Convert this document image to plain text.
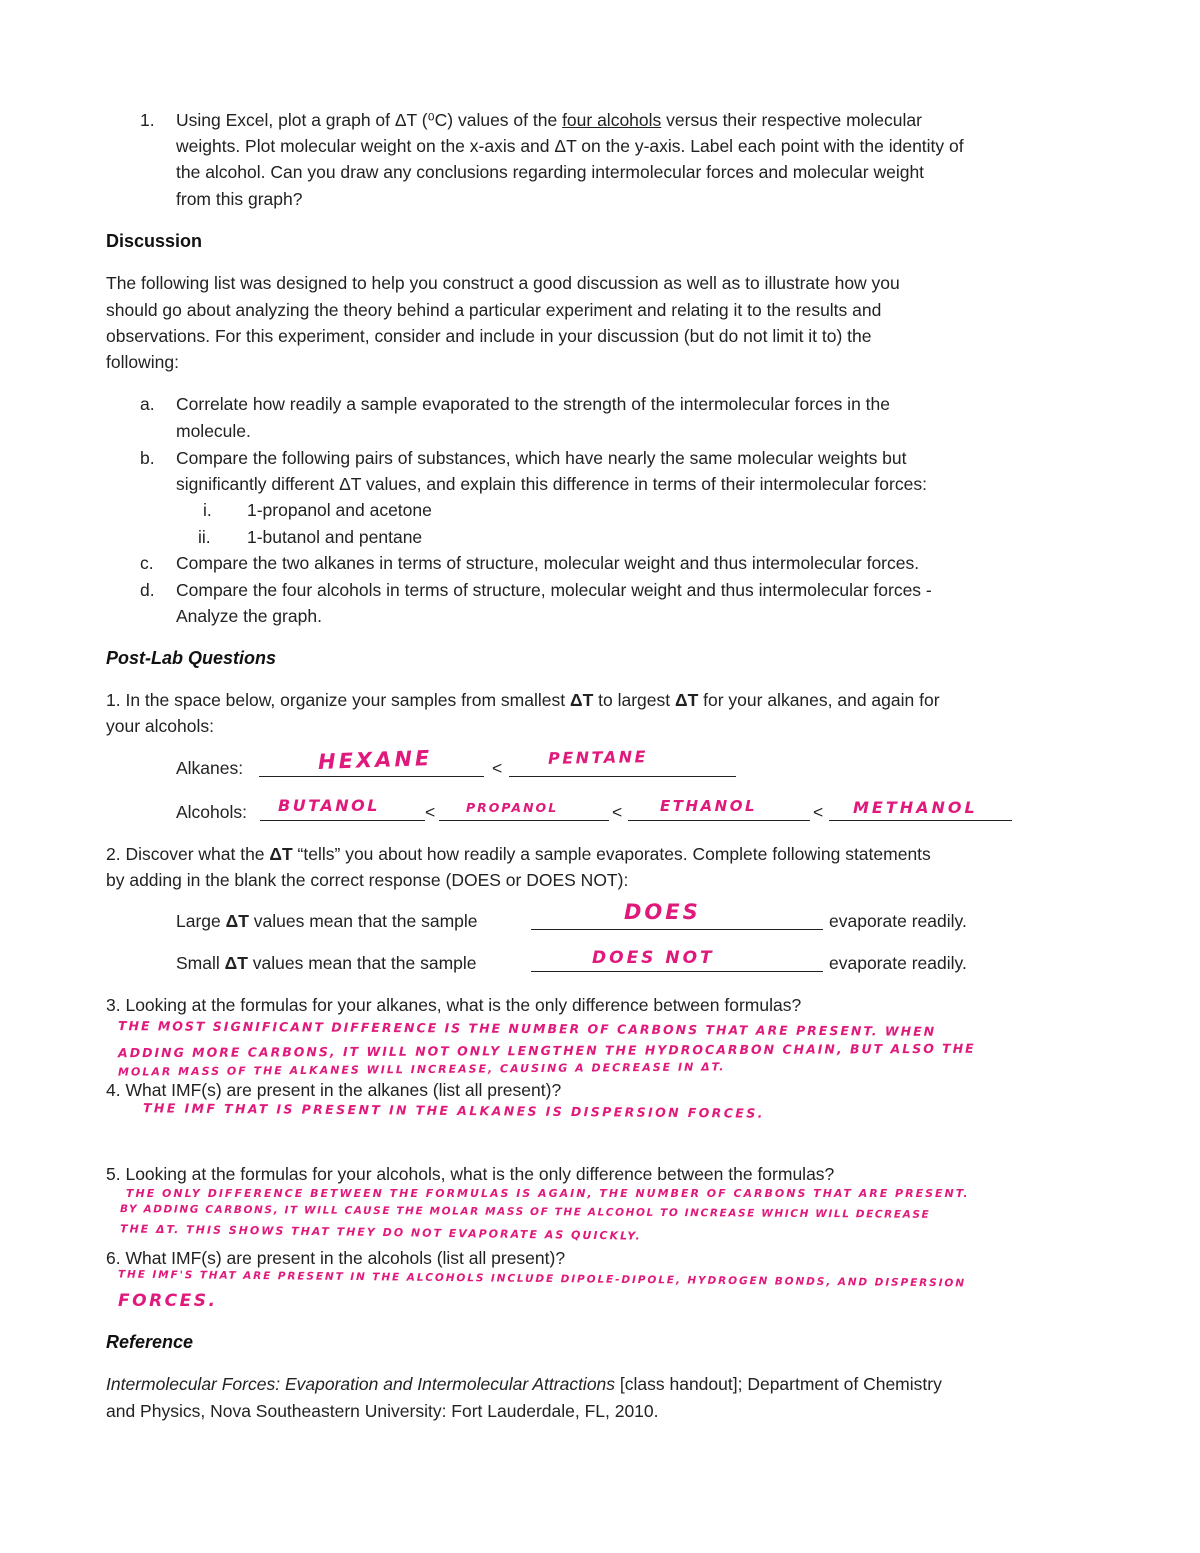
1. Using Excel, plot a graph of ΔT (⁰C) values of the four alcohols versus their respective molecular
weights. Plot molecular weight on the x-axis and ΔT on the y-axis. Label each point with the identity of
the alcohol. Can you draw any conclusions regarding intermolecular forces and molecular weight
from this graph?
Discussion
The following list was designed to help you construct a good discussion as well as to illustrate how you
should go about analyzing the theory behind a particular experiment and relating it to the results and
observations. For this experiment, consider and include in your discussion (but do not limit it to) the
following:
a. Correlate how readily a sample evaporated to the strength of the intermolecular forces in the
molecule.
b. Compare the following pairs of substances, which have nearly the same molecular weights but
significantly different ΔT values, and explain this difference in terms of their intermolecular forces:
i. 1-propanol and acetone
ii. 1-butanol and pentane
c. Compare the two alkanes in terms of structure, molecular weight and thus intermolecular forces.
d. Compare the four alcohols in terms of structure, molecular weight and thus intermolecular forces -
Analyze the graph.
Post-Lab Questions
1. In the space below, organize your samples from smallest ΔT to largest ΔT for your alkanes, and again for
your alcohols:
Alkanes:	<
HEXANE	PENTANE
Alcohols:	<	<	<
BUTANOL	PROPANOL	ETHANOL	METHANOL
2. Discover what the ΔT “tells” you about how readily a sample evaporates. Complete following statements
by adding in the blank the correct response (DOES or DOES NOT):
Large ΔT values mean that the sample	evaporate readily.
DOES
Small ΔT values mean that the sample	evaporate readily.
DOES NOT
3. Looking at the formulas for your alkanes, what is the only difference between formulas?
THE MOST SIGNIFICANT DIFFERENCE IS THE NUMBER OF CARBONS THAT ARE PRESENT. WHEN
ADDING MORE CARBONS, IT WILL NOT ONLY LENGTHEN THE HYDROCARBON CHAIN, BUT ALSO THE
MOLAR MASS OF THE ALKANES WILL INCREASE, CAUSING A DECREASE IN ΔT.
4. What IMF(s) are present in the alkanes (list all present)?
THE IMF THAT IS PRESENT IN THE ALKANES IS DISPERSION FORCES.
5. Looking at the formulas for your alcohols, what is the only difference between the formulas?
THE ONLY DIFFERENCE BETWEEN THE FORMULAS IS AGAIN, THE NUMBER OF CARBONS THAT ARE PRESENT.
BY ADDING CARBONS, IT WILL CAUSE THE MOLAR MASS OF THE ALCOHOL TO INCREASE WHICH WILL DECREASE
THE ΔT. THIS SHOWS THAT THEY DO NOT EVAPORATE AS QUICKLY.
6. What IMF(s) are present in the alcohols (list all present)?
THE IMF'S THAT ARE PRESENT IN THE ALCOHOLS INCLUDE DIPOLE-DIPOLE, HYDROGEN BONDS, AND DISPERSION
FORCES.
Reference
Intermolecular Forces: Evaporation and Intermolecular Attractions [class handout]; Department of Chemistry
and Physics, Nova Southeastern University: Fort Lauderdale, FL, 2010.
